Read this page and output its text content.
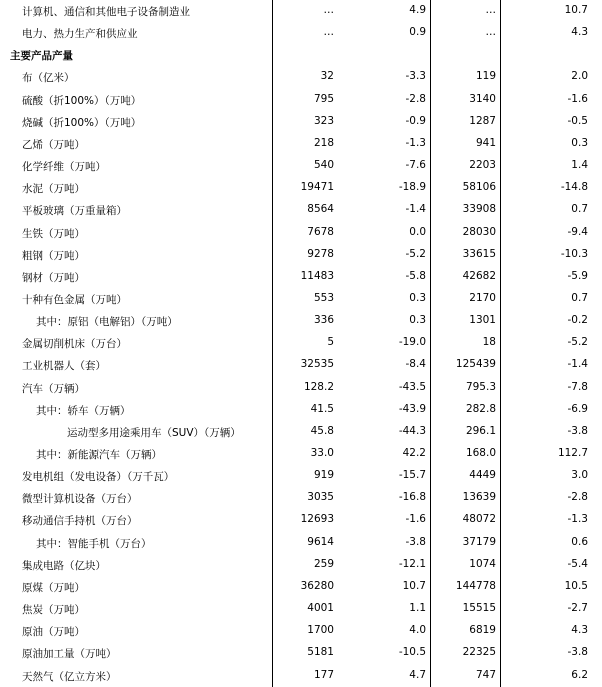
计算机、通信和其他电子设备制造业	…	4.9	…	10.7
电力、热力生产和供应业	…	0.9	…	4.3
主要产品产量
布（亿米）	32	-3.3	119	2.0
硫酸（折100%）（万吨）	795	-2.8	3140	-1.6
烧碱（折100%）（万吨）	323	-0.9	1287	-0.5
乙烯（万吨）	218	-1.3	941	0.3
化学纤维（万吨）	540	-7.6	2203	1.4
水泥（万吨）	19471	-18.9	58106	-14.8
平板玻璃（万重量箱）	8564	-1.4	33908	0.7
生铁（万吨）	7678	0.0	28030	-9.4
粗钢（万吨）	9278	-5.2	33615	-10.3
钢材（万吨）	11483	-5.8	42682	-5.9
十种有色金属（万吨）	553	0.3	2170	0.7
其中：原铝（电解铝）（万吨）	336	0.3	1301	-0.2
金属切削机床（万台）	5	-19.0	18	-5.2
工业机器人（套）	32535	-8.4	125439	-1.4
汽车（万辆）	128.2	-43.5	795.3	-7.8
其中：轿车（万辆）	41.5	-43.9	282.8	-6.9
运动型多用途乘用车（SUV）（万辆）	45.8	-44.3	296.1	-3.8
其中：新能源汽车（万辆）	33.0	42.2	168.0	112.7
发电机组（发电设备）（万千瓦）	919	-15.7	4449	3.0
微型计算机设备（万台）	3035	-16.8	13639	-2.8
移动通信手持机（万台）	12693	-1.6	48072	-1.3
其中：智能手机（万台）	9614	-3.8	37179	0.6
集成电路（亿块）	259	-12.1	1074	-5.4
原煤（万吨）	36280	10.7	144778	10.5
焦炭（万吨）	4001	1.1	15515	-2.7
原油（万吨）	1700	4.0	6819	4.3
原油加工量（万吨）	5181	-10.5	22325	-3.8
天然气（亿立方米）	177	4.7	747	6.2
